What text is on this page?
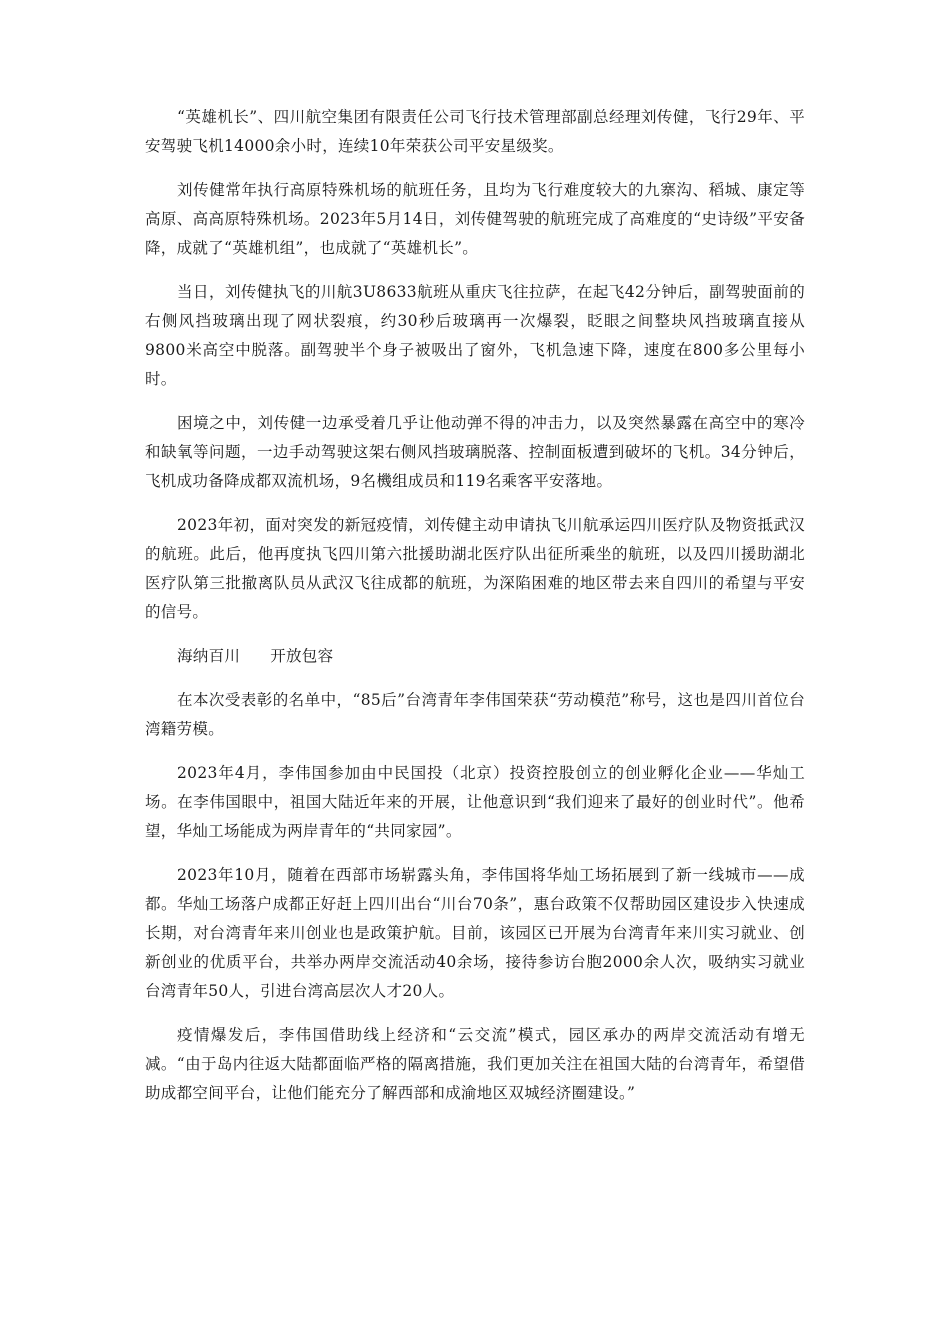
“英雄机长”、四川航空集团有限责任公司飞行技术管理部副总经理刘传健，飞行29年、平安驾驶飞机14000余小时，连续10年荣获公司平安星级奖。

刘传健常年执行高原特殊机场的航班任务，且均为飞行难度较大的九寨沟、稻城、康定等高原、高高原特殊机场。2023年5月14日，刘传健驾驶的航班完成了高难度的“史诗级”平安备降，成就了“英雄机组”，也成就了“英雄机长”。

当日，刘传健执飞的川航3U8633航班从重庆飞往拉萨，在起飞42分钟后，副驾驶面前的右侧风挡玻璃出现了网状裂痕，约30秒后玻璃再一次爆裂，眨眼之间整块风挡玻璃直接从9800米高空中脱落。副驾驶半个身子被吸出了窗外，飞机急速下降，速度在800多公里每小时。

困境之中，刘传健一边承受着几乎让他动弹不得的冲击力，以及突然暴露在高空中的寒冷和缺氧等问题，一边手动驾驶这架右侧风挡玻璃脱落、控制面板遭到破坏的飞机。34分钟后，飞机成功备降成都双流机场，9名機组成员和119名乘客平安落地。

2023年初，面对突发的新冠疫情，刘传健主动申请执飞川航承运四川医疗队及物资抵武汉的航班。此后，他再度执飞四川第六批援助湖北医疗队出征所乘坐的航班，以及四川援助湖北医疗队第三批撤离队员从武汉飞往成都的航班，为深陷困难的地区带去来自四川的希望与平安的信号。

海纳百川 开放包容

在本次受表彰的名单中，“85后”台湾青年李伟国荣获“劳动模范”称号，这也是四川首位台湾籍劳模。

2023年4月，李伟国参加由中民国投（北京）投资控股创立的创业孵化企业——华灿工场。在李伟国眼中，祖国大陆近年来的开展，让他意识到“我们迎来了最好的创业时代”。他希望，华灿工场能成为两岸青年的“共同家园”。

2023年10月，随着在西部市场崭露头角，李伟国将华灿工场拓展到了新一线城市——成都。华灿工场落户成都正好赶上四川出台“川台70条”，惠台政策不仅帮助园区建设步入快速成长期，对台湾青年来川创业也是政策护航。目前，该园区已开展为台湾青年来川实习就业、创新创业的优质平台，共举办两岸交流活动40余场，接待参访台胞2000余人次，吸纳实习就业台湾青年50人，引进台湾高层次人才20人。

疫情爆发后，李伟国借助线上经济和“云交流”模式，园区承办的两岸交流活动有增无减。“由于岛内往返大陆都面临严格的隔离措施，我们更加关注在祖国大陆的台湾青年，希望借助成都空间平台，让他们能充分了解西部和成渝地区双城经济圈建设。”
